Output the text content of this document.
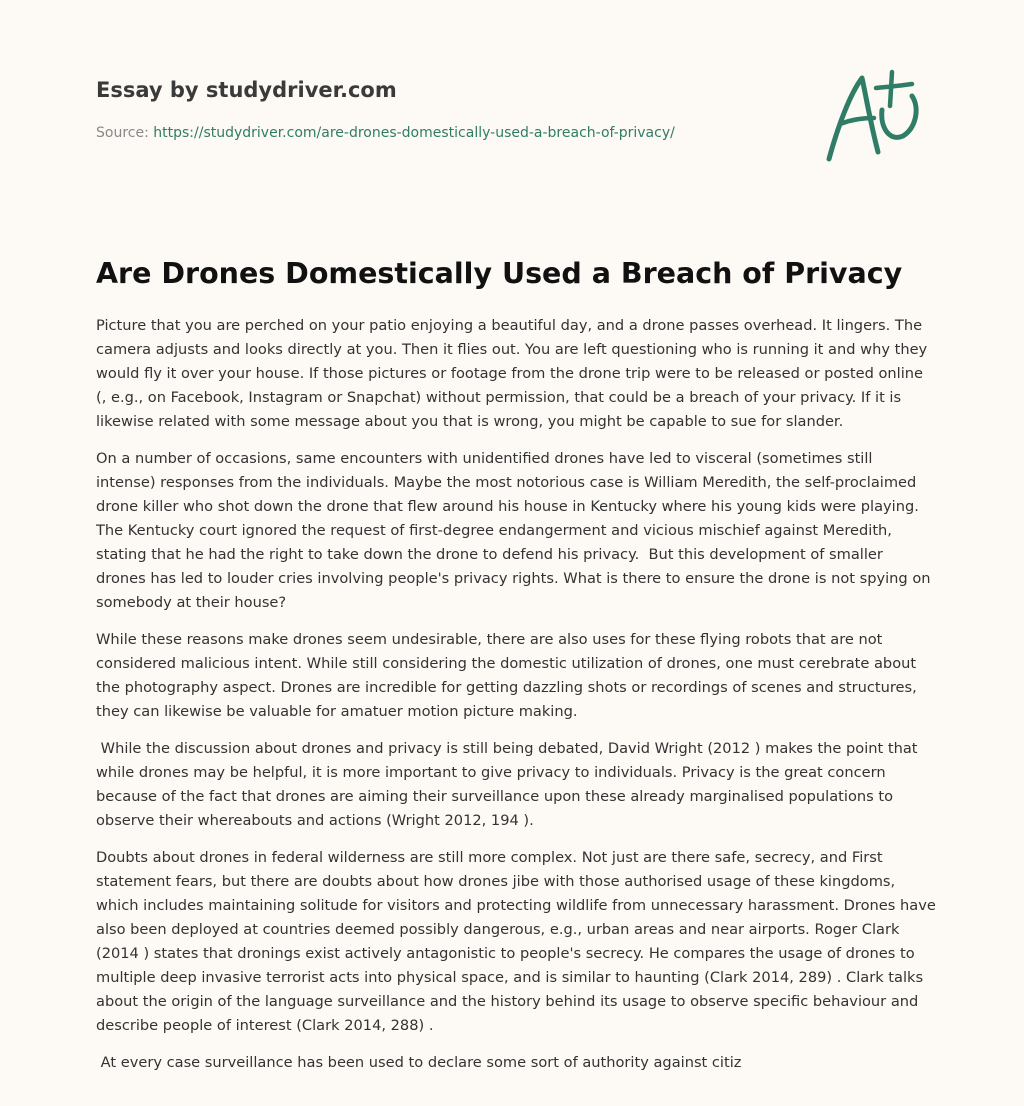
Essay by studydriver.com
Source: https://studydriver.com/are-drones-domestically-used-a-breach-of-privacy/
Are Drones Domestically Used a Breach of Privacy

Picture that you are perched on your patio enjoying a beautiful day, and a drone passes overhead. It lingers. The camera adjusts and looks directly at you. Then it flies out. You are left questioning who is running it and why they would fly it over your house. If those pictures or footage from the drone trip were to be released or posted online (, e.g., on Facebook, Instagram or Snapchat) without permission, that could be a breach of your privacy. If it is likewise related with some message about you that is wrong, you might be capable to sue for slander.

On a number of occasions, same encounters with unidentified drones have led to visceral (sometimes still intense) responses from the individuals. Maybe the most notorious case is William Meredith, the self-proclaimed drone killer who shot down the drone that flew around his house in Kentucky where his young kids were playing. The Kentucky court ignored the request of first-degree endangerment and vicious mischief against Meredith, stating that he had the right to take down the drone to defend his privacy.  But this development of smaller drones has led to louder cries involving people's privacy rights. What is there to ensure the drone is not spying on somebody at their house?

While these reasons make drones seem undesirable, there are also uses for these flying robots that are not considered malicious intent. While still considering the domestic utilization of drones, one must cerebrate about the photography aspect. Drones are incredible for getting dazzling shots or recordings of scenes and structures, they can likewise be valuable for amatuer motion picture making.

While the discussion about drones and privacy is still being debated, David Wright (2012 ) makes the point that while drones may be helpful, it is more important to give privacy to individuals. Privacy is the great concern because of the fact that drones are aiming their surveillance upon these already marginalised populations to observe their whereabouts and actions (Wright 2012, 194 ).

Doubts about drones in federal wilderness are still more complex. Not just are there safe, secrecy, and First statement fears, but there are doubts about how drones jibe with those authorised usage of these kingdoms, which includes maintaining solitude for visitors and protecting wildlife from unnecessary harassment. Drones have also been deployed at countries deemed possibly dangerous, e.g., urban areas and near airports. Roger Clark (2014 ) states that dronings exist actively antagonistic to people's secrecy. He compares the usage of drones to multiple deep invasive terrorist acts into physical space, and is similar to haunting (Clark 2014, 289) . Clark talks about the origin of the language surveillance and the history behind its usage to observe specific behaviour and describe people of interest (Clark 2014, 288) .

At every case surveillance has been used to declare some sort of authority against citiz
